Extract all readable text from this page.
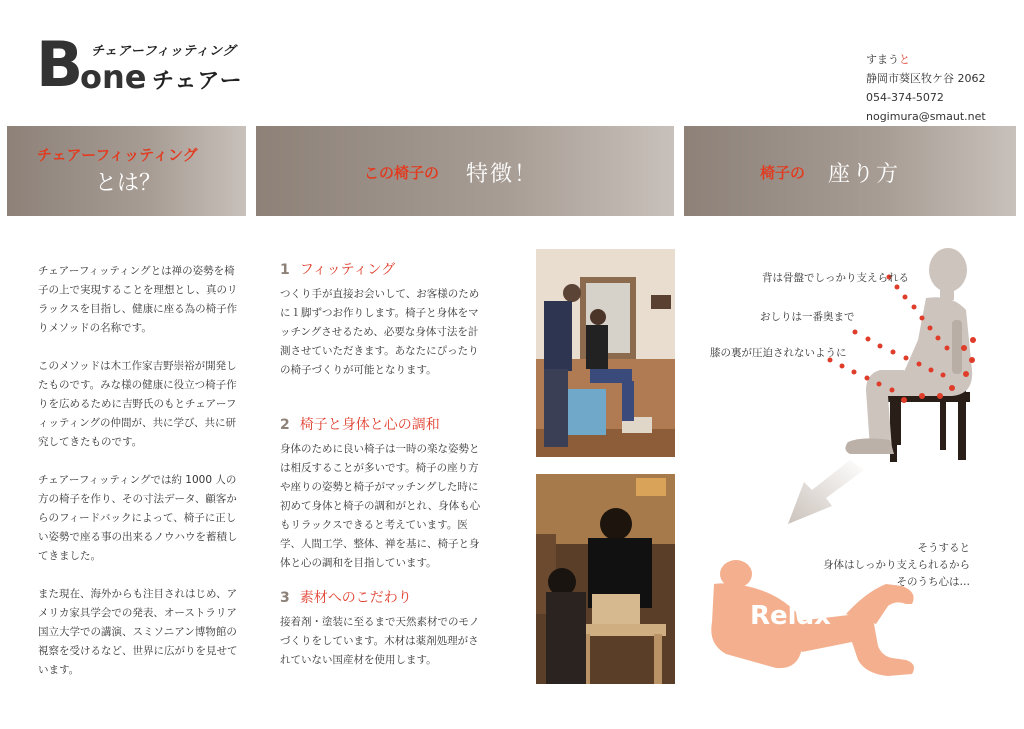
B
one
チェアーフィッティング
チェアー
すまうと
静岡市葵区牧ケ谷 2062
054-374-5072
nogimura@smaut.net
チェアーフィッティング
とは？	この椅子の 特徴！	椅子の 座り方

チェアーフィッティングとは禅の姿勢を椅子の上で実現することを理想とし、真のリラックスを目指し、健康に座る為の椅子作りメソッドの名称です。

このメソッドは木工作家吉野崇裕が開発したものです。みな様の健康に役立つ椅子作りを広めるために吉野氏のもとチェアーフィッティングの仲間が、共に学び、共に研究してきたものです。

チェアーフィッティングでは約 1000 人の方の椅子を作り、その寸法データ、顧客からのフィードバックによって、椅子に正しい姿勢で座る事の出来るノウハウを蓄積してきました。

また現在、海外からも注目されはじめ、アメリカ家具学会での発表、オーストラリア国立大学での講演、スミソニアン博物館の視察を受けるなど、世界に広がりを見せています。

1 フィッティング
つくり手が直接お会いして、お客様のために１脚ずつお作りします。椅子と身体をマッチングさせるため、必要な身体寸法を計測させていただきます。あなたにぴったりの椅子づくりが可能となります。
2 椅子と身体と心の調和
身体のために良い椅子は一時の楽な姿勢とは相反することが多いです。椅子の座り方や座りの姿勢と椅子がマッチングした時に初めて身体と椅子の調和がとれ、身体も心もリラックスできると考えています。医学、人間工学、整体、禅を基に、椅子と身体と心の調和を目指しています。
3 素材へのこだわり
接着剤・塗装に至るまで天然素材でのモノづくりをしています。木材は薬剤処理がされていない国産材を使用します。
背は骨盤でしっかり支えられる
おしりは一番奥まで
膝の裏が圧迫されないように
Relax
そうすると
身体はしっかり支えられるから
そのうち心は…
